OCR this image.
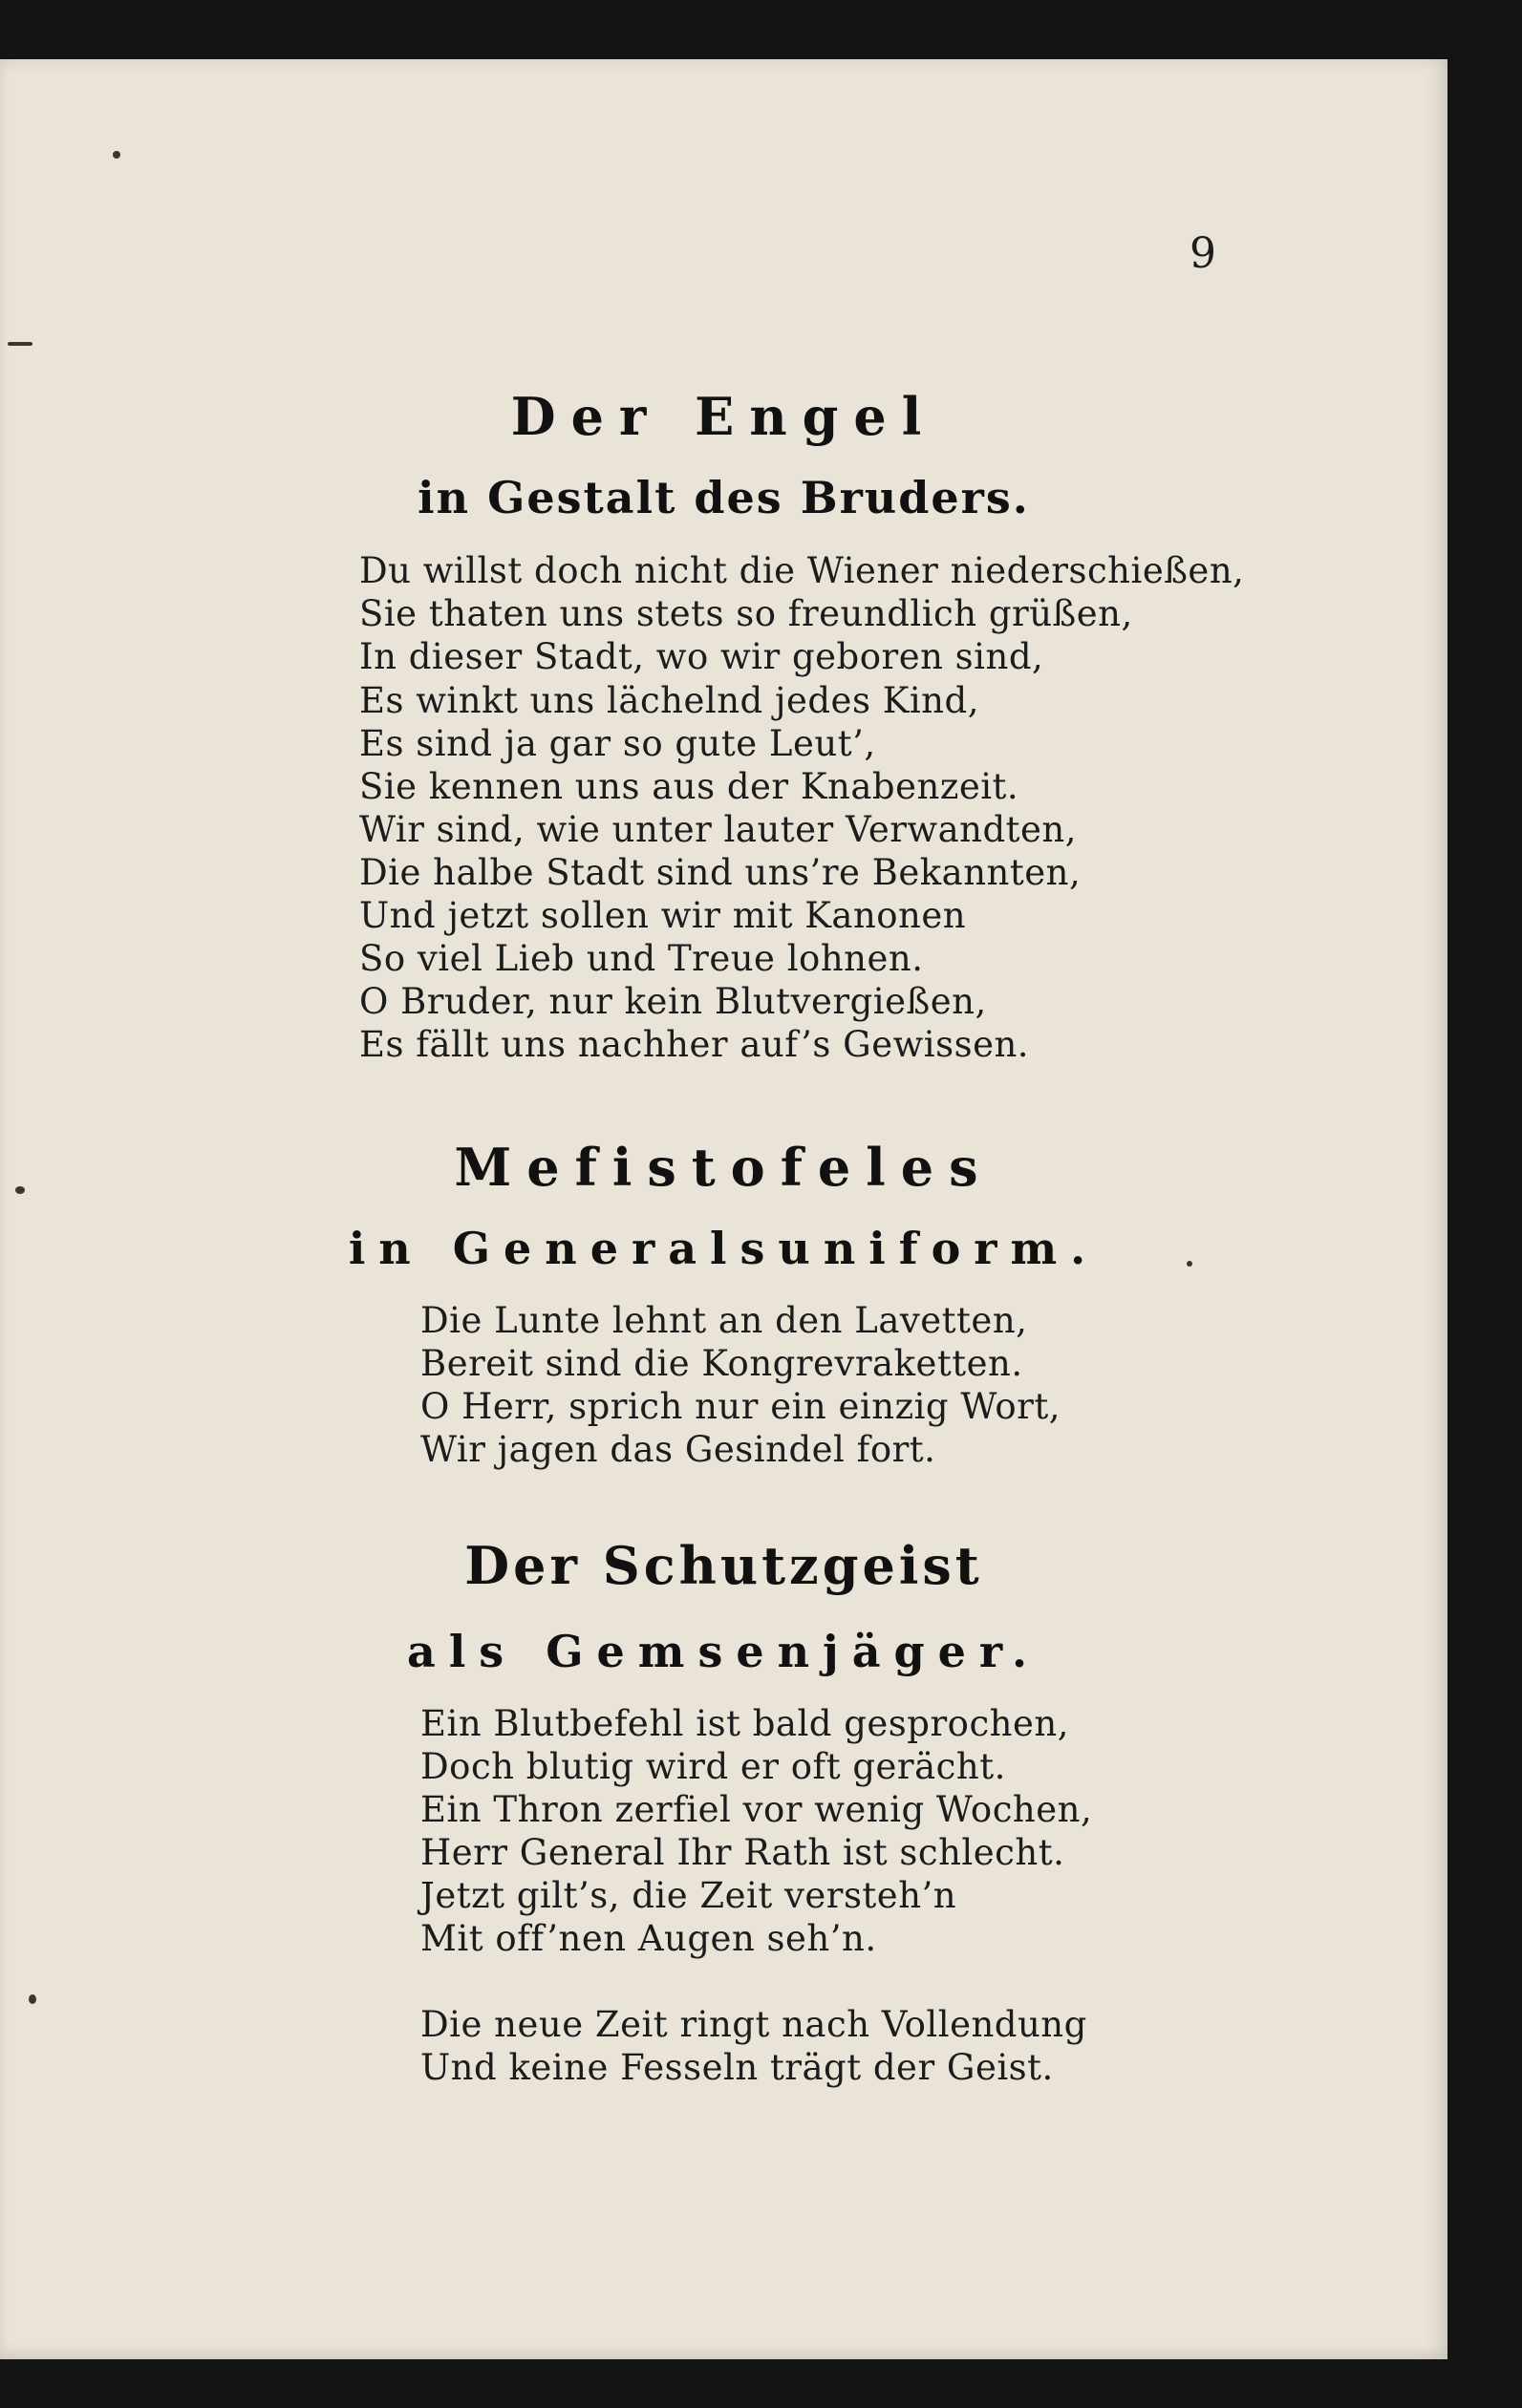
9
Der Engel
in Gestalt des Bruders.
Du willst doch nicht die Wiener niederschießen,
Sie thaten uns stets so freundlich grüßen,
In dieser Stadt, wo wir geboren sind,
Es winkt uns lächelnd jedes Kind,
Es sind ja gar so gute Leut’,
Sie kennen uns aus der Knabenzeit.
Wir sind, wie unter lauter Verwandten,
Die halbe Stadt sind uns’re Bekannten,
Und jetzt sollen wir mit Kanonen
So viel Lieb und Treue lohnen.
O Bruder, nur kein Blutvergießen,
Es fällt uns nachher auf’s Gewissen.
Mefistofeles
in Generalsuniform.
Die Lunte lehnt an den Lavetten,
Bereit sind die Kongrevraketten.
O Herr, sprich nur ein einzig Wort,
Wir jagen das Gesindel fort.
Der Schutzgeist
als Gemsenjäger.
Ein Blutbefehl ist bald gesprochen,
Doch blutig wird er oft gerächt.
Ein Thron zerfiel vor wenig Wochen,
Herr General Ihr Rath ist schlecht.
Jetzt gilt’s, die Zeit versteh’n
Mit off’nen Augen seh’n.
Die neue Zeit ringt nach Vollendung
Und keine Fesseln trägt der Geist.
